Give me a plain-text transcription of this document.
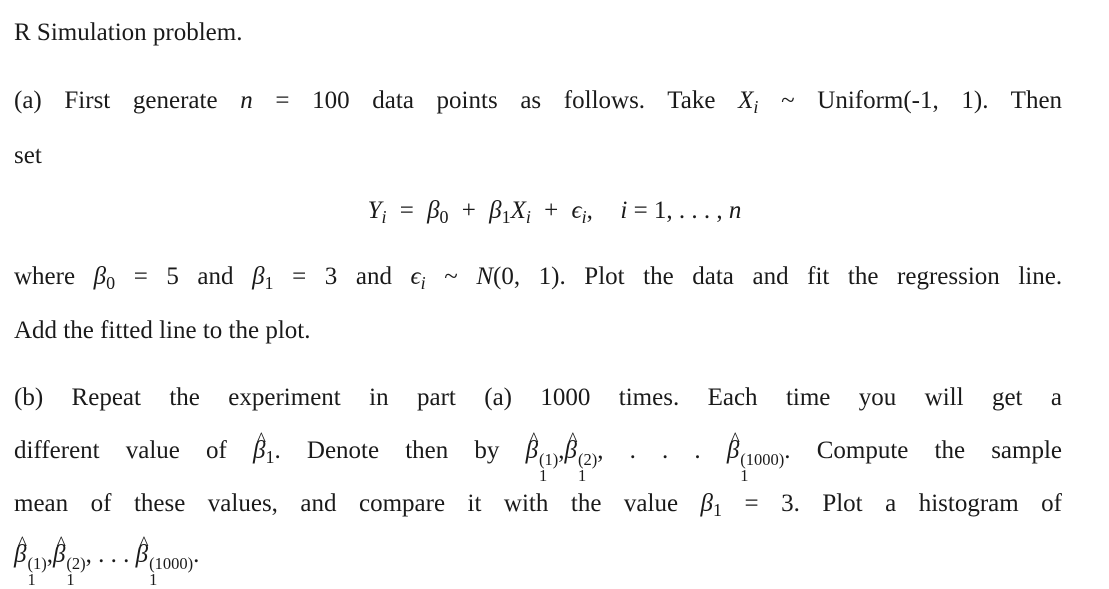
R Simulation problem.
(a) First generate n = 100 data points as follows. Take $X_i$ ~ Uniform(-1, 1). Then
set
$Y_i = \beta_0 + \beta_1X_i + \epsilon_i$, i = 1, . . . , n
where $\beta_0 = 5$ and $\beta_1 = 3$ and $\epsilon_i$ ~ N(0, 1). Plot the data and fit the regression line.
Add the fitted line to the plot.
(b) Repeat the experiment in part (a) 1000 times. Each time you will get a
different value of ^ $\beta_1$. Denote then by ^ β (1)
1
,^ β (2)
1
, . . . ^ β (1000)
1
. Compute the sample
mean of these values, and compare it with the value $\beta_1 = 3$. Plot a histogram of
^ β (1)
1
,^ β (2)
1
, . . . ^ β (1000)
1
.
